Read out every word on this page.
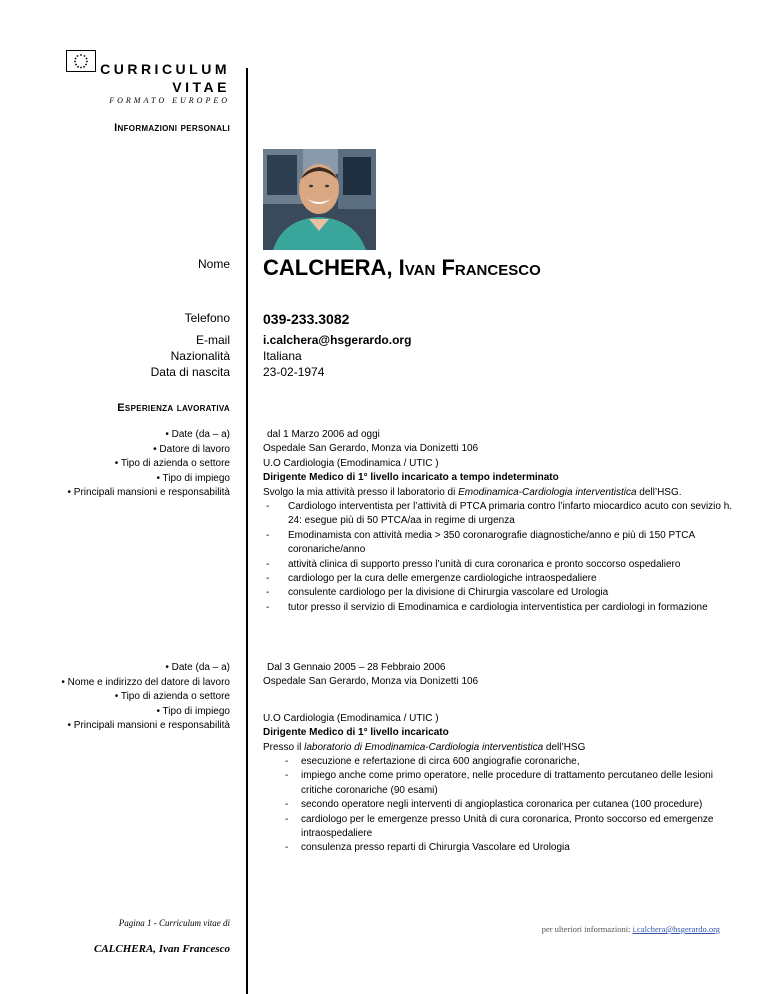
CURRICULUM
VITAE
FORMATO EUROPEO
Informazioni personali
Nome CALCHERA, Ivan Francesco
Telefono 039-233.3082
E-mail
Nazionalità
Data di nascita
i.calchera@hsgerardo.org
Italiana
23-02-1974
Esperienza lavorativa
• Date (da – a)
• Datore di lavoro
• Tipo di azienda o settore
• Tipo di impiego
• Principali mansioni e responsabilità

dal 1 Marzo 2006 ad oggi

Ospedale San Gerardo, Monza via Donizetti 106

U.O Cardiologia (Emodinamica / UTIC )

Dirigente Medico di 1° livello incaricato a tempo indeterminato

Svolgo la mia attività presso il laboratorio di Emodinamica-Cardiologia interventistica dell’HSG.

- Cardiologo interventista per l’attività di PTCA primaria contro l’infarto miocardico acuto con sevizio h. 24: esegue più di 50 PTCA/aa in regime di urgenza
- Emodinamista con attività media > 350 coronarografie diagnostiche/anno e più di 150 PTCA coronariche/anno
- attività clinica di supporto presso l’unità di cura coronarica e pronto soccorso ospedaliero
- cardiologo per la cura delle emergenze cardiologiche intraospedaliere
- consulente cardiologo per la divisione di Chirurgia vascolare ed Urologia
- tutor presso il servizio di Emodinamica e cardiologia interventistica per cardiologi in formazione
• Date (da – a)
• Nome e indirizzo del datore di lavoro
• Tipo di azienda o settore
• Tipo di impiego
• Principali mansioni e responsabilità

Dal 3 Gennaio 2005 – 28 Febbraio 2006

Ospedale San Gerardo, Monza via Donizetti 106

U.O Cardiologia (Emodinamica / UTIC )

Dirigente Medico di 1° livello incaricato

Presso il laboratorio di Emodinamica-Cardiologia interventistica dell’HSG

- esecuzione e refertazione di circa 600 angiografie coronariche,
- impiego anche come primo operatore, nelle procedure di trattamento percutaneo delle lesioni critiche coronariche (90 esami)
- secondo operatore negli interventi di angioplastica coronarica per cutanea (100 procedure)
- cardiologo per le emergenze presso Unità di cura coronarica, Pronto soccorso ed emergenze intraospedaliere
- consulenza presso reparti di Chirurgia Vascolare ed Urologia
Pagina 1 - Curriculum vitae di
CALCHERA, Ivan Francesco
per ulteriori informazioni: i.calchera@hsgerardo.org
